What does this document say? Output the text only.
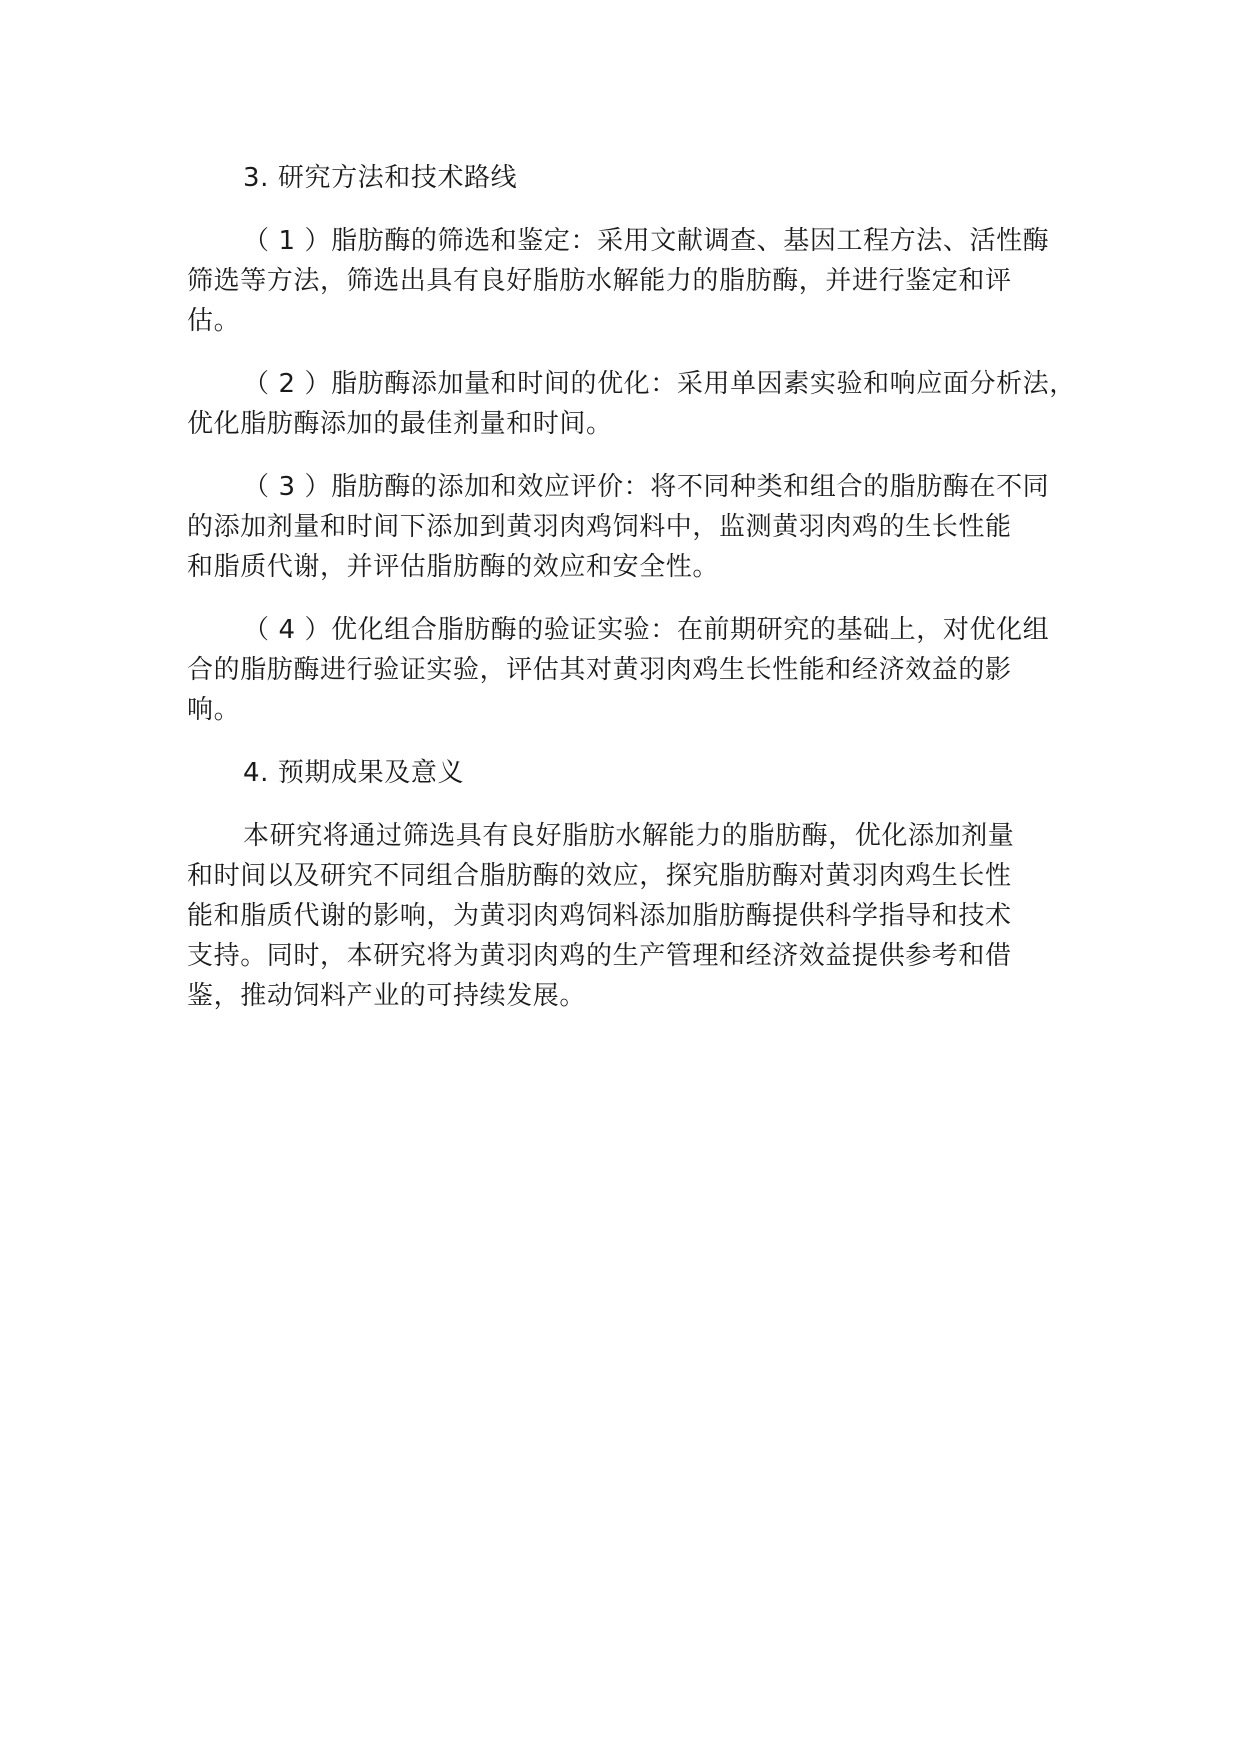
3. 研究方法和技术路线
（ 1 ）脂肪酶的筛选和鉴定：采用文献调查、基因工程方法、活性酶
筛选等方法，筛选出具有良好脂肪水解能力的脂肪酶，并进行鉴定和评
估。
（ 2 ）脂肪酶添加量和时间的优化：采用单因素实验和响应面分析法，
优化脂肪酶添加的最佳剂量和时间。
（ 3 ）脂肪酶的添加和效应评价：将不同种类和组合的脂肪酶在不同
的添加剂量和时间下添加到黄羽肉鸡饲料中，监测黄羽肉鸡的生长性能
和脂质代谢，并评估脂肪酶的效应和安全性。
（ 4 ）优化组合脂肪酶的验证实验：在前期研究的基础上，对优化组
合的脂肪酶进行验证实验，评估其对黄羽肉鸡生长性能和经济效益的影
响。
4. 预期成果及意义
本研究将通过筛选具有良好脂肪水解能力的脂肪酶，优化添加剂量
和时间以及研究不同组合脂肪酶的效应，探究脂肪酶对黄羽肉鸡生长性
能和脂质代谢的影响，为黄羽肉鸡饲料添加脂肪酶提供科学指导和技术
支持。同时，本研究将为黄羽肉鸡的生产管理和经济效益提供参考和借
鉴，推动饲料产业的可持续发展。
